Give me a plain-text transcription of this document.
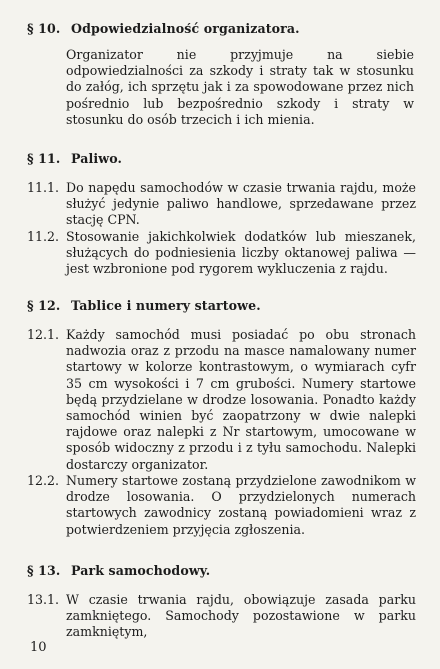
§ 10. Odpowiedzialność organizatora.
Organizator nie przyjmuje na siebie odpowiedzialności za szkody i straty tak w stosunku do załóg, ich sprzętu jak i za spowodowane przez nich pośrednio lub bezpośrednio szkody i straty w stosunku do osób trzecich i ich mienia.
§ 11. Paliwo.
11.1. Do napędu samochodów w czasie trwania rajdu, może służyć jedynie paliwo handlowe, sprzedawane przez stację CPN.
11.2. Stosowanie jakichkolwiek dodatków lub mieszanek, służących do podniesienia liczby oktanowej paliwa — jest wzbronione pod rygorem wykluczenia z rajdu.
§ 12. Tablice i numery startowe.
12.1. Każdy samochód musi posiadać po obu stronach nadwozia oraz z przodu na masce namalowany numer startowy w kolorze kontrastowym, o wymiarach cyfr 35 cm wysokości i 7 cm grubości. Numery startowe będą przydzielane w drodze losowania. Ponadto każdy samochód winien być zaopatrzony w dwie nalepki rajdowe oraz nalepki z Nr startowym, umocowane w sposób widoczny z przodu i z tyłu samochodu. Nalepki dostarczy organizator.
12.2. Numery startowe zostaną przydzielone zawodnikom w drodze losowania. O przydzielonych numerach startowych zawodnicy zostaną powiadomieni wraz z potwierdzeniem przyjęcia zgłoszenia.
§ 13. Park samochodowy.
13.1. W czasie trwania rajdu, obowiązuje zasada parku zamkniętego. Samochody pozostawione w parku zamkniętym,
10
